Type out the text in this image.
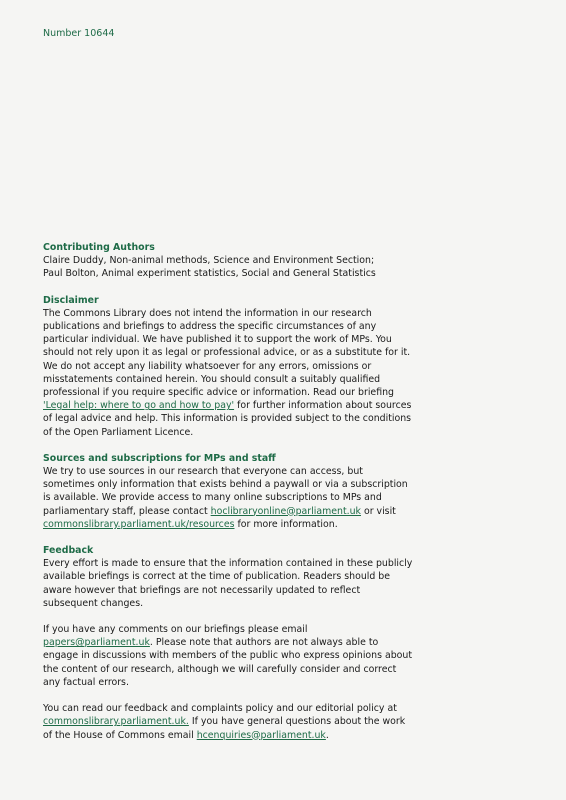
Number 10644
Contributing Authors
Claire Duddy, Non-animal methods, Science and Environment Section;
Paul Bolton, Animal experiment statistics, Social and General Statistics
Disclaimer

The Commons Library does not intend the information in our research publications and briefings to address the specific circumstances of any particular individual. We have published it to support the work of MPs. You should not rely upon it as legal or professional advice, or as a substitute for it. We do not accept any liability whatsoever for any errors, omissions or misstatements contained herein. You should consult a suitably qualified professional if you require specific advice or information. Read our briefing 'Legal help: where to go and how to pay' for further information about sources of legal advice and help. This information is provided subject to the conditions of the Open Parliament Licence.

Sources and subscriptions for MPs and staff

We try to use sources in our research that everyone can access, but sometimes only information that exists behind a paywall or via a subscription is available. We provide access to many online subscriptions to MPs and parliamentary staff, please contact hoclibraryonline@parliament.uk or visit commonslibrary.parliament.uk/resources for more information.

Feedback

Every effort is made to ensure that the information contained in these publicly available briefings is correct at the time of publication. Readers should be aware however that briefings are not necessarily updated to reflect subsequent changes.

If you have any comments on our briefings please email papers@parliament.uk. Please note that authors are not always able to engage in discussions with members of the public who express opinions about the content of our research, although we will carefully consider and correct any factual errors.

You can read our feedback and complaints policy and our editorial policy at commonslibrary.parliament.uk. If you have general questions about the work of the House of Commons email hcenquiries@parliament.uk.
